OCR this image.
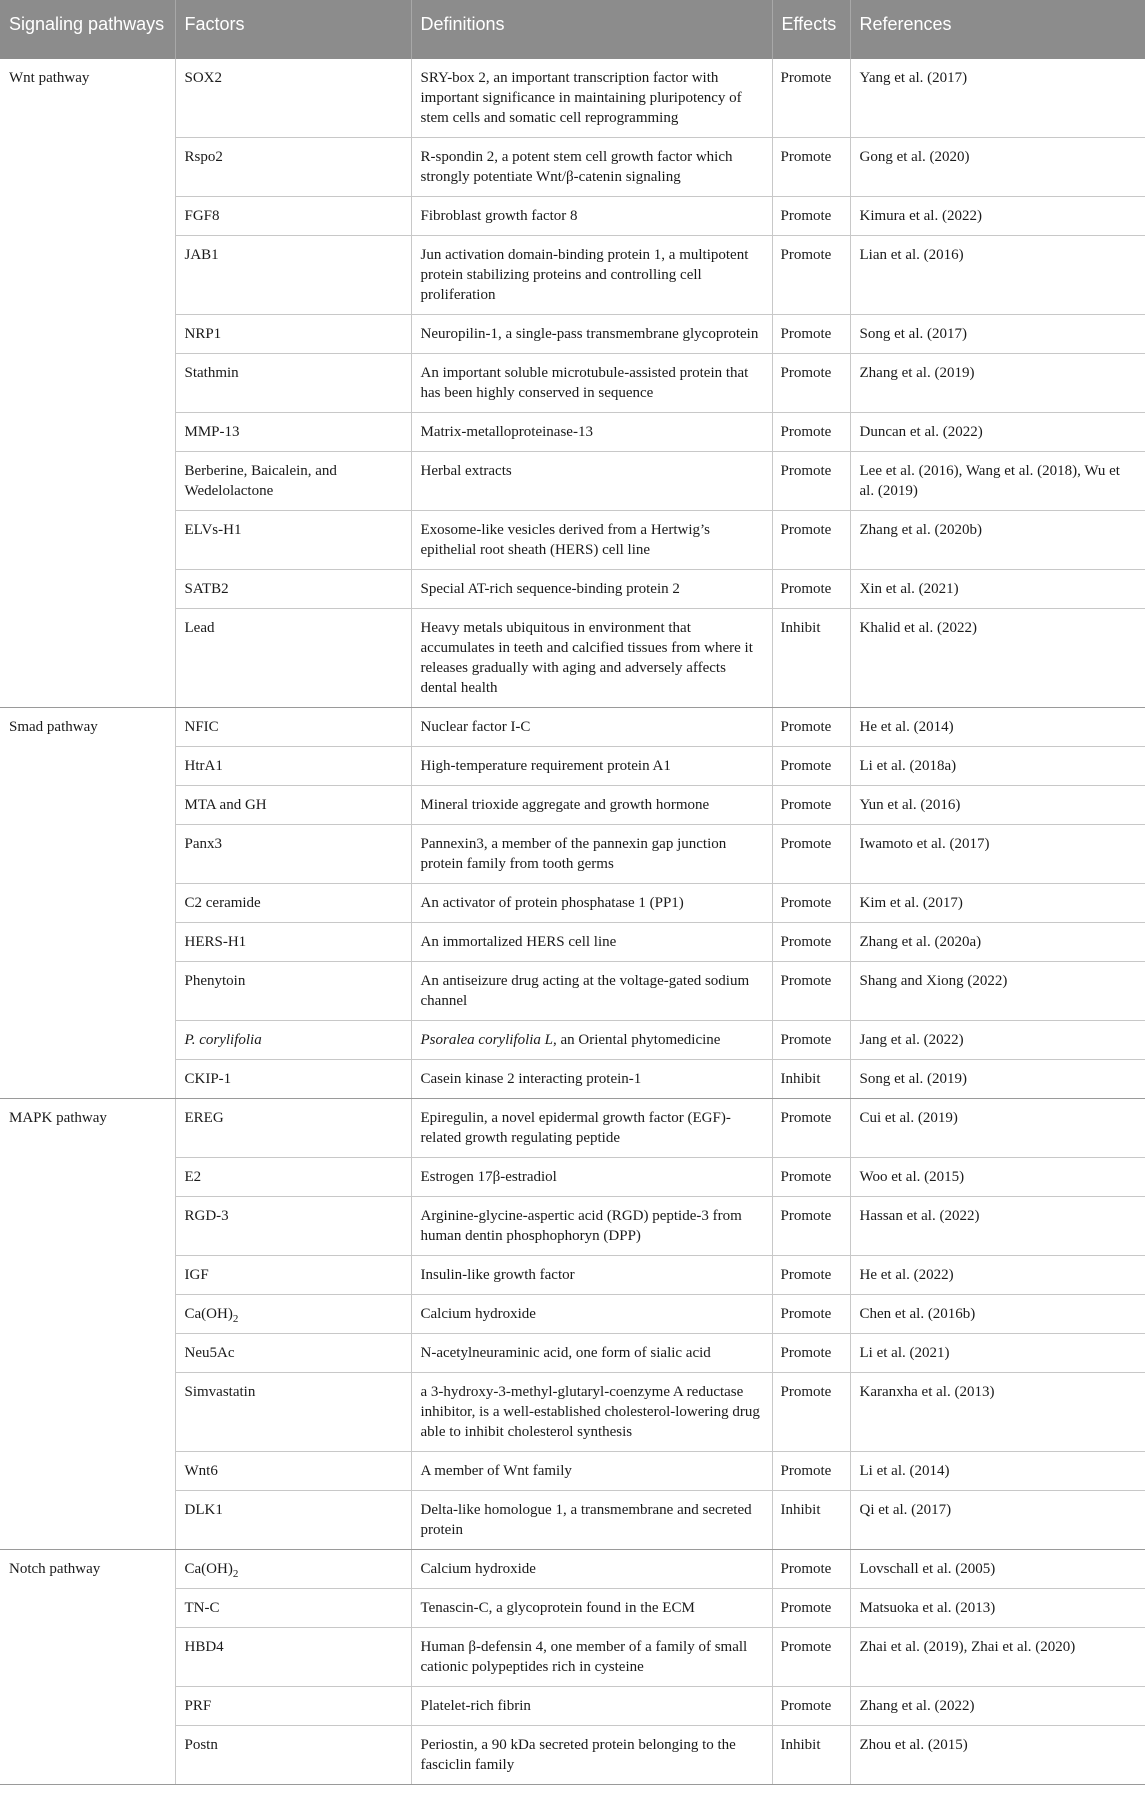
Signaling pathways	Factors	Definitions	Effects	References
Wnt pathway	SOX2	SRY-box 2, an important transcription factor with important significance in maintaining pluripotency of stem cells and somatic cell reprogramming	Promote	Yang et al. (2017)
	Rspo2	R-spondin 2, a potent stem cell growth factor which strongly potentiate Wnt/β-catenin signaling	Promote	Gong et al. (2020)
	FGF8	Fibroblast growth factor 8	Promote	Kimura et al. (2022)
	JAB1	Jun activation domain-binding protein 1, a multipotent protein stabilizing proteins and controlling cell proliferation	Promote	Lian et al. (2016)
	NRP1	Neuropilin-1, a single-pass transmembrane glycoprotein	Promote	Song et al. (2017)
	Stathmin	An important soluble microtubule-assisted protein that has been highly conserved in sequence	Promote	Zhang et al. (2019)
	MMP-13	Matrix-metalloproteinase-13	Promote	Duncan et al. (2022)
	Berberine, Baicalein, and Wedelolactone	Herbal extracts	Promote	Lee et al. (2016), Wang et al. (2018), Wu et al. (2019)
	ELVs-H1	Exosome-like vesicles derived from a Hertwig’s epithelial root sheath (HERS) cell line	Promote	Zhang et al. (2020b)
	SATB2	Special AT-rich sequence-binding protein 2	Promote	Xin et al. (2021)
	Lead	Heavy metals ubiquitous in environment that accumulates in teeth and calcified tissues from where it releases gradually with aging and adversely affects dental health	Inhibit	Khalid et al. (2022)
Smad pathway	NFIC	Nuclear factor I-C	Promote	He et al. (2014)
	HtrA1	High-temperature requirement protein A1	Promote	Li et al. (2018a)
	MTA and GH	Mineral trioxide aggregate and growth hormone	Promote	Yun et al. (2016)
	Panx3	Pannexin3, a member of the pannexin gap junction protein family from tooth germs	Promote	Iwamoto et al. (2017)
	C2 ceramide	An activator of protein phosphatase 1 (PP1)	Promote	Kim et al. (2017)
	HERS-H1	An immortalized HERS cell line	Promote	Zhang et al. (2020a)
	Phenytoin	An antiseizure drug acting at the voltage-gated sodium channel	Promote	Shang and Xiong (2022)
	P. corylifolia	Psoralea corylifolia L, an Oriental phytomedicine	Promote	Jang et al. (2022)
	CKIP-1	Casein kinase 2 interacting protein-1	Inhibit	Song et al. (2019)
MAPK pathway	EREG	Epiregulin, a novel epidermal growth factor (EGF)-related growth regulating peptide	Promote	Cui et al. (2019)
	E2	Estrogen 17β-estradiol	Promote	Woo et al. (2015)
	RGD-3	Arginine-glycine-aspertic acid (RGD) peptide-3 from human dentin phosphophoryn (DPP)	Promote	Hassan et al. (2022)
	IGF	Insulin-like growth factor	Promote	He et al. (2022)
	$Ca(OH)_2$	Calcium hydroxide	Promote	Chen et al. (2016b)
	Neu5Ac	N-acetylneuraminic acid, one form of sialic acid	Promote	Li et al. (2021)
	Simvastatin	a 3-hydroxy-3-methyl-glutaryl-coenzyme A reductase inhibitor, is a well-established cholesterol-lowering drug able to inhibit cholesterol synthesis	Promote	Karanxha et al. (2013)
	Wnt6	A member of Wnt family	Promote	Li et al. (2014)
	DLK1	Delta-like homologue 1, a transmembrane and secreted protein	Inhibit	Qi et al. (2017)
Notch pathway	$Ca(OH)_2$	Calcium hydroxide	Promote	Lovschall et al. (2005)
	TN-C	Tenascin-C, a glycoprotein found in the ECM	Promote	Matsuoka et al. (2013)
	HBD4	Human β-defensin 4, one member of a family of small cationic polypeptides rich in cysteine	Promote	Zhai et al. (2019), Zhai et al. (2020)
	PRF	Platelet-rich fibrin	Promote	Zhang et al. (2022)
	Postn	Periostin, a 90 kDa secreted protein belonging to the fasciclin family	Inhibit	Zhou et al. (2015)
